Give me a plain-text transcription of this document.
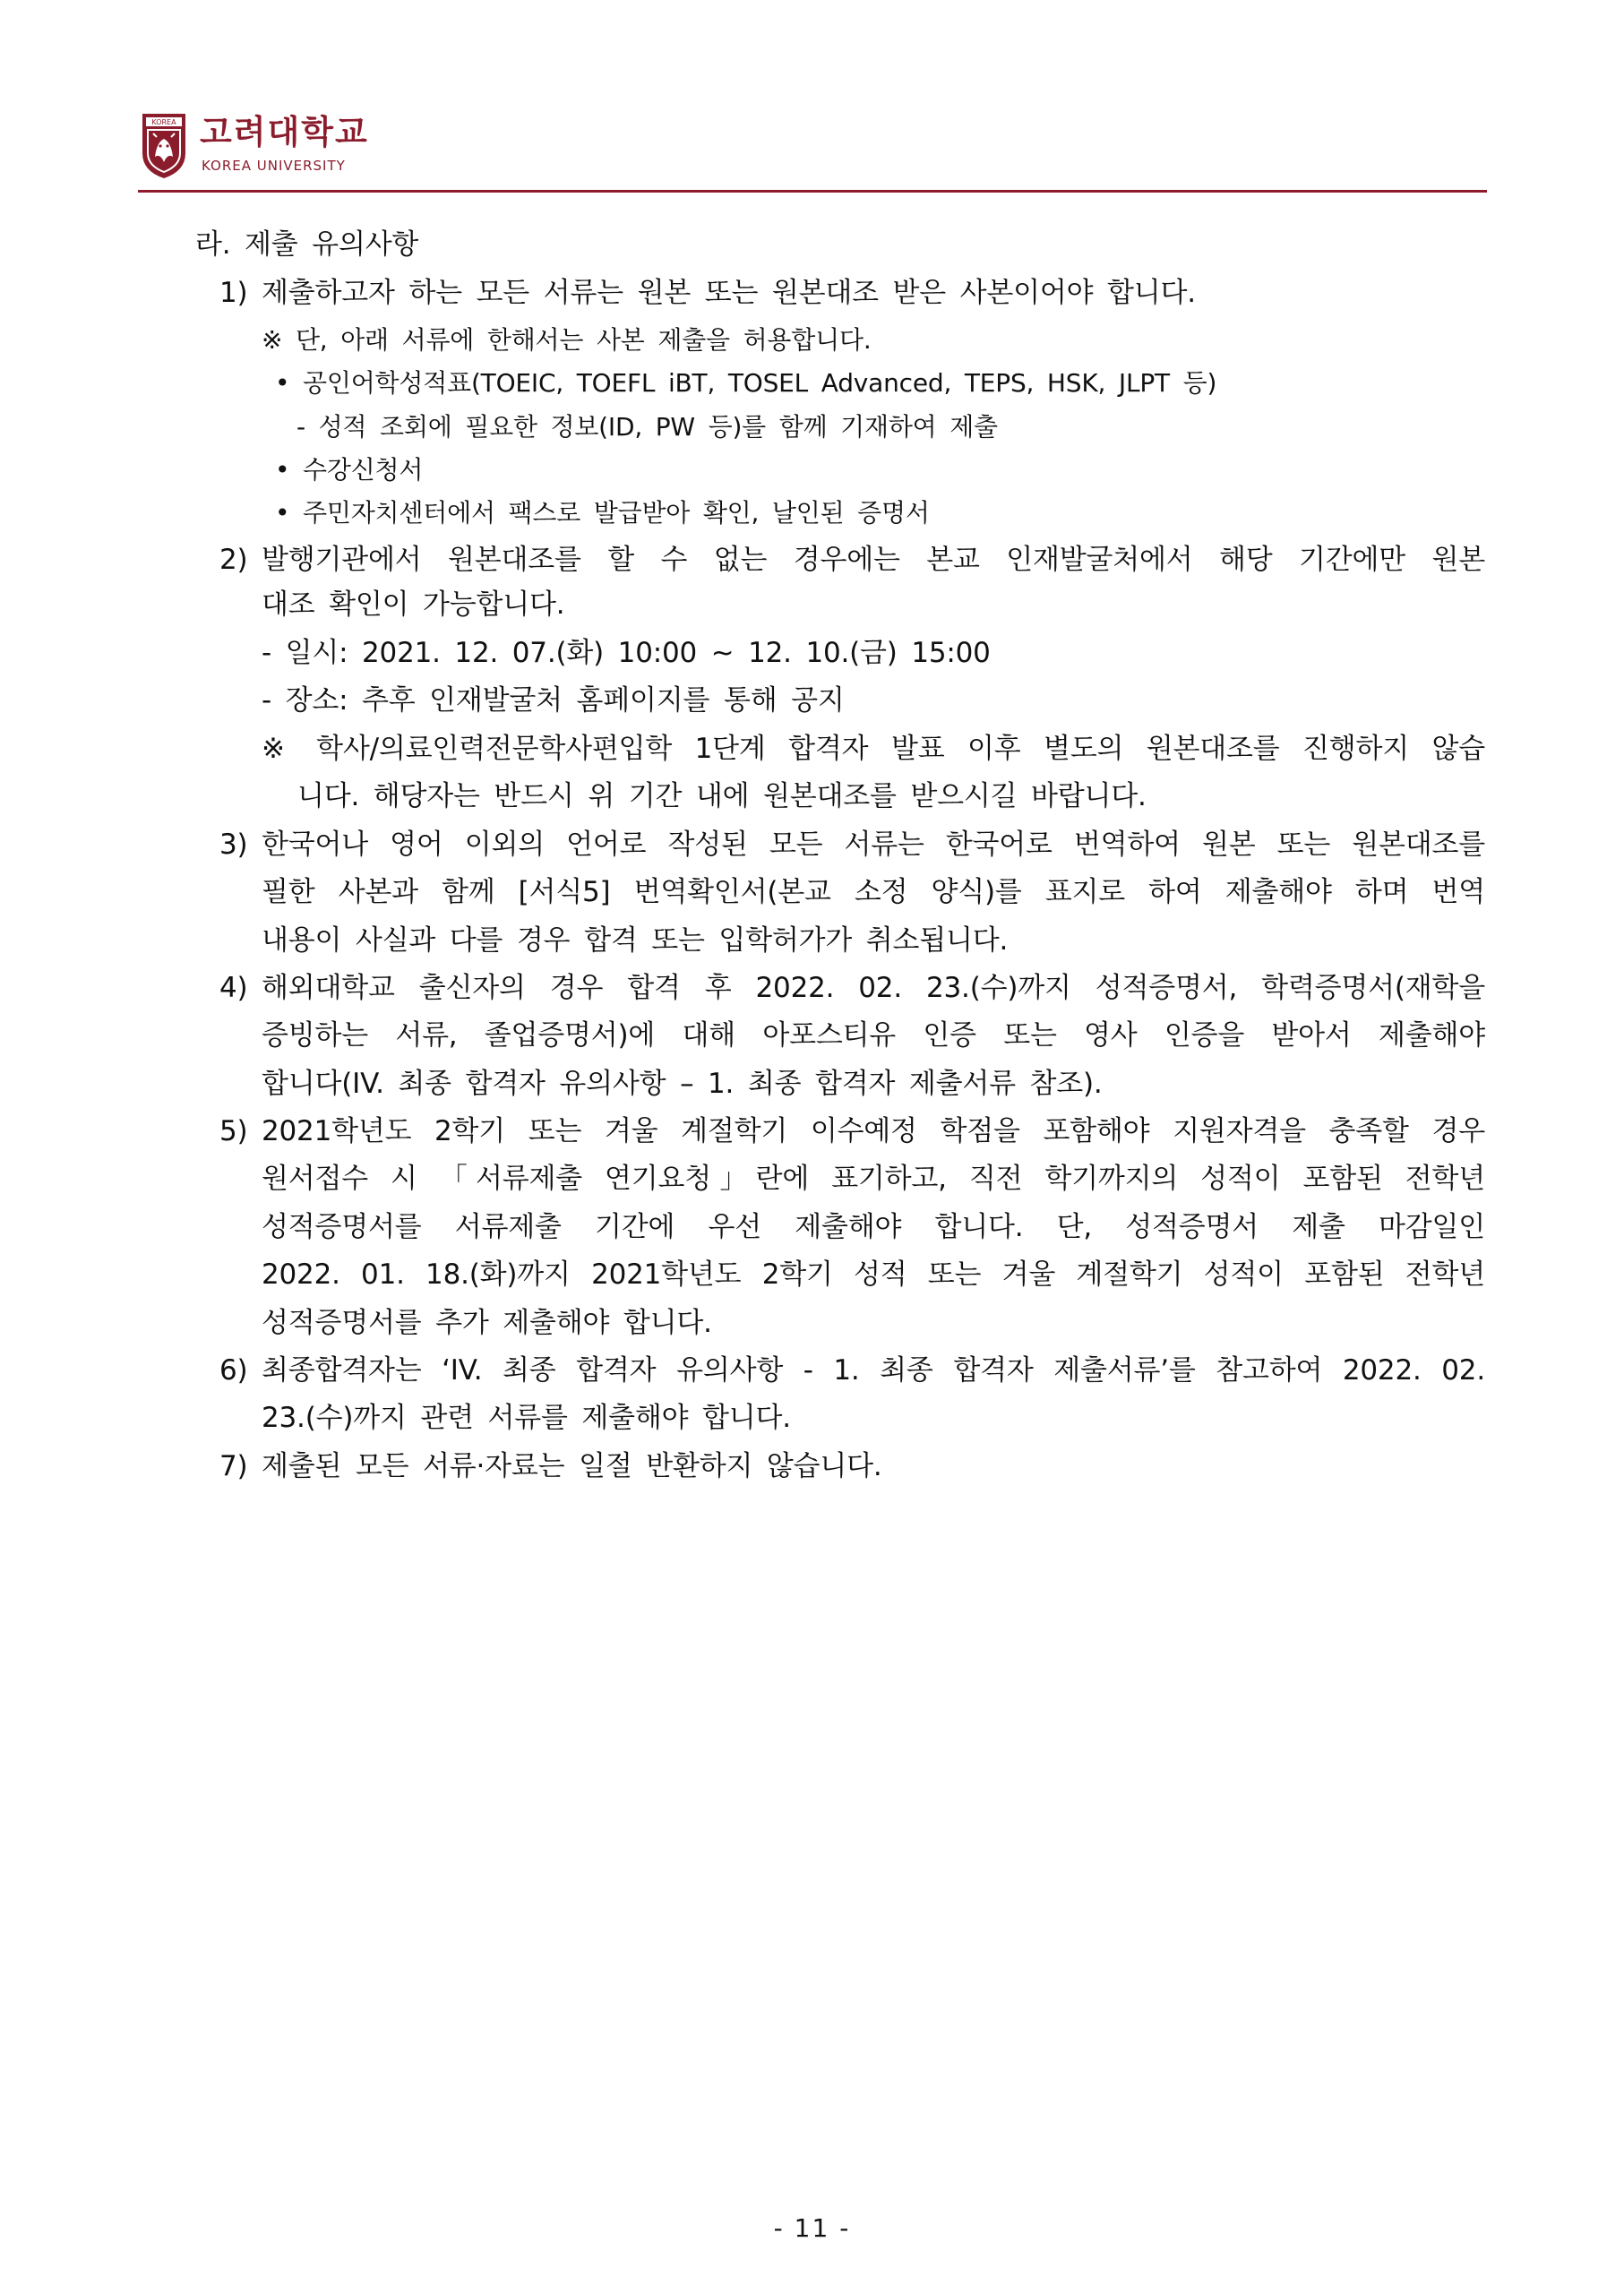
KOREA 고려대학교
KOREA UNIVERSITY
라. 제출 유의사항
1) 제출하고자 하는 모든 서류는 원본 또는 원본대조 받은 사본이어야 합니다.
※ 단, 아래 서류에 한해서는 사본 제출을 허용합니다.
• 공인어학성적표(TOEIC, TOEFL iBT, TOSEL Advanced, TEPS, HSK, JLPT 등)
- 성적 조회에 필요한 정보(ID, PW 등)를 함께 기재하여 제출
• 수강신청서
• 주민자치센터에서 팩스로 발급받아 확인, 날인된 증명서
2) 발행기관에서 원본대조를 할 수 없는 경우에는 본교 인재발굴처에서 해당 기간에만 원본
대조 확인이 가능합니다.
- 일시: 2021. 12. 07.(화) 10:00 ~ 12. 10.(금) 15:00
- 장소: 추후 인재발굴처 홈페이지를 통해 공지
※ 학사/의료인력전문학사편입학 1단계 합격자 발표 이후 별도의 원본대조를 진행하지 않습
니다. 해당자는 반드시 위 기간 내에 원본대조를 받으시길 바랍니다.
3) 한국어나 영어 이외의 언어로 작성된 모든 서류는 한국어로 번역하여 원본 또는 원본대조를
필한 사본과 함께 [서식5] 번역확인서(본교 소정 양식)를 표지로 하여 제출해야 하며 번역
내용이 사실과 다를 경우 합격 또는 입학허가가 취소됩니다.
4) 해외대학교 출신자의 경우 합격 후 2022. 02. 23.(수)까지 성적증명서, 학력증명서(재학을
증빙하는 서류, 졸업증명서)에 대해 아포스티유 인증 또는 영사 인증을 받아서 제출해야
합니다(IV. 최종 합격자 유의사항 – 1. 최종 합격자 제출서류 참조).
5) 2021학년도 2학기 또는 겨울 계절학기 이수예정 학점을 포함해야 지원자격을 충족할 경우
원서접수 시 「서류제출 연기요청」란에 표기하고, 직전 학기까지의 성적이 포함된 전학년
성적증명서를 서류제출 기간에 우선 제출해야 합니다. 단, 성적증명서 제출 마감일인
2022. 01. 18.(화)까지 2021학년도 2학기 성적 또는 겨울 계절학기 성적이 포함된 전학년
성적증명서를 추가 제출해야 합니다.
6) 최종합격자는 ‘IV. 최종 합격자 유의사항 - 1. 최종 합격자 제출서류’를 참고하여 2022. 02.
23.(수)까지 관련 서류를 제출해야 합니다.
7) 제출된 모든 서류·자료는 일절 반환하지 않습니다.
- 11 -
